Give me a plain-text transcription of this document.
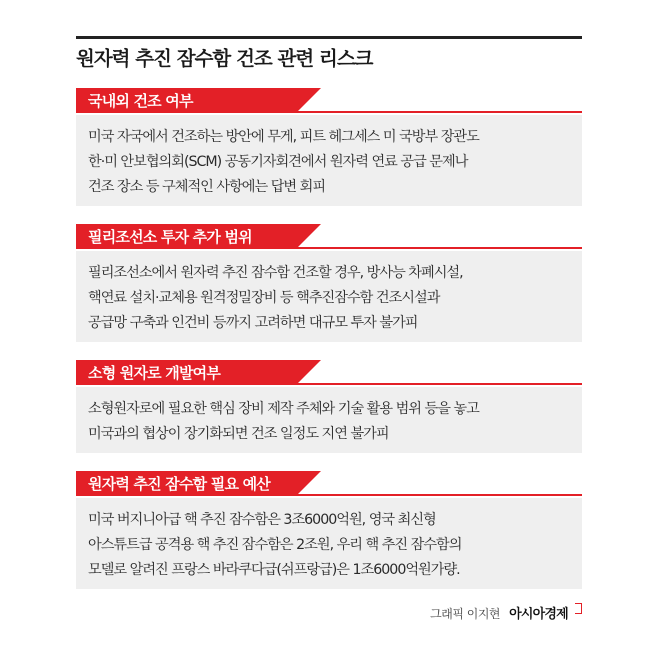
원자력 추진 잠수함 건조 관련 리스크
국내외 건조 여부
미국 자국에서 건조하는 방안에 무게, 피트 헤그세스 미 국방부 장관도
한·미 안보협의회(SCM) 공동기자회견에서 원자력 연료 공급 문제나
건조 장소 등 구체적인 사항에는 답변 회피
필리조선소 투자 추가 범위
필리조선소에서 원자력 추진 잠수함 건조할 경우, 방사능 차폐시설,
핵연료 설치·교체용 원격정밀장비 등 핵추진잠수함 건조시설과
공급망 구축과 인건비 등까지 고려하면 대규모 투자 불가피
소형 원자로 개발여부
소형원자로에 필요한 핵심 장비 제작 주체와 기술 활용 범위 등을 놓고
미국과의 협상이 장기화되면 건조 일정도 지연 불가피
원자력 추진 잠수함 필요 예산
미국 버지니아급 핵 추진 잠수함은 3조6000억원, 영국 최신형
아스튜트급 공격용 핵 추진 잠수함은 2조원, 우리 핵 추진 잠수함의
모델로 알려진 프랑스 바라쿠다급(쉬프랑급)은 1조6000억원가량.
그래픽 이지현 아시아경제
